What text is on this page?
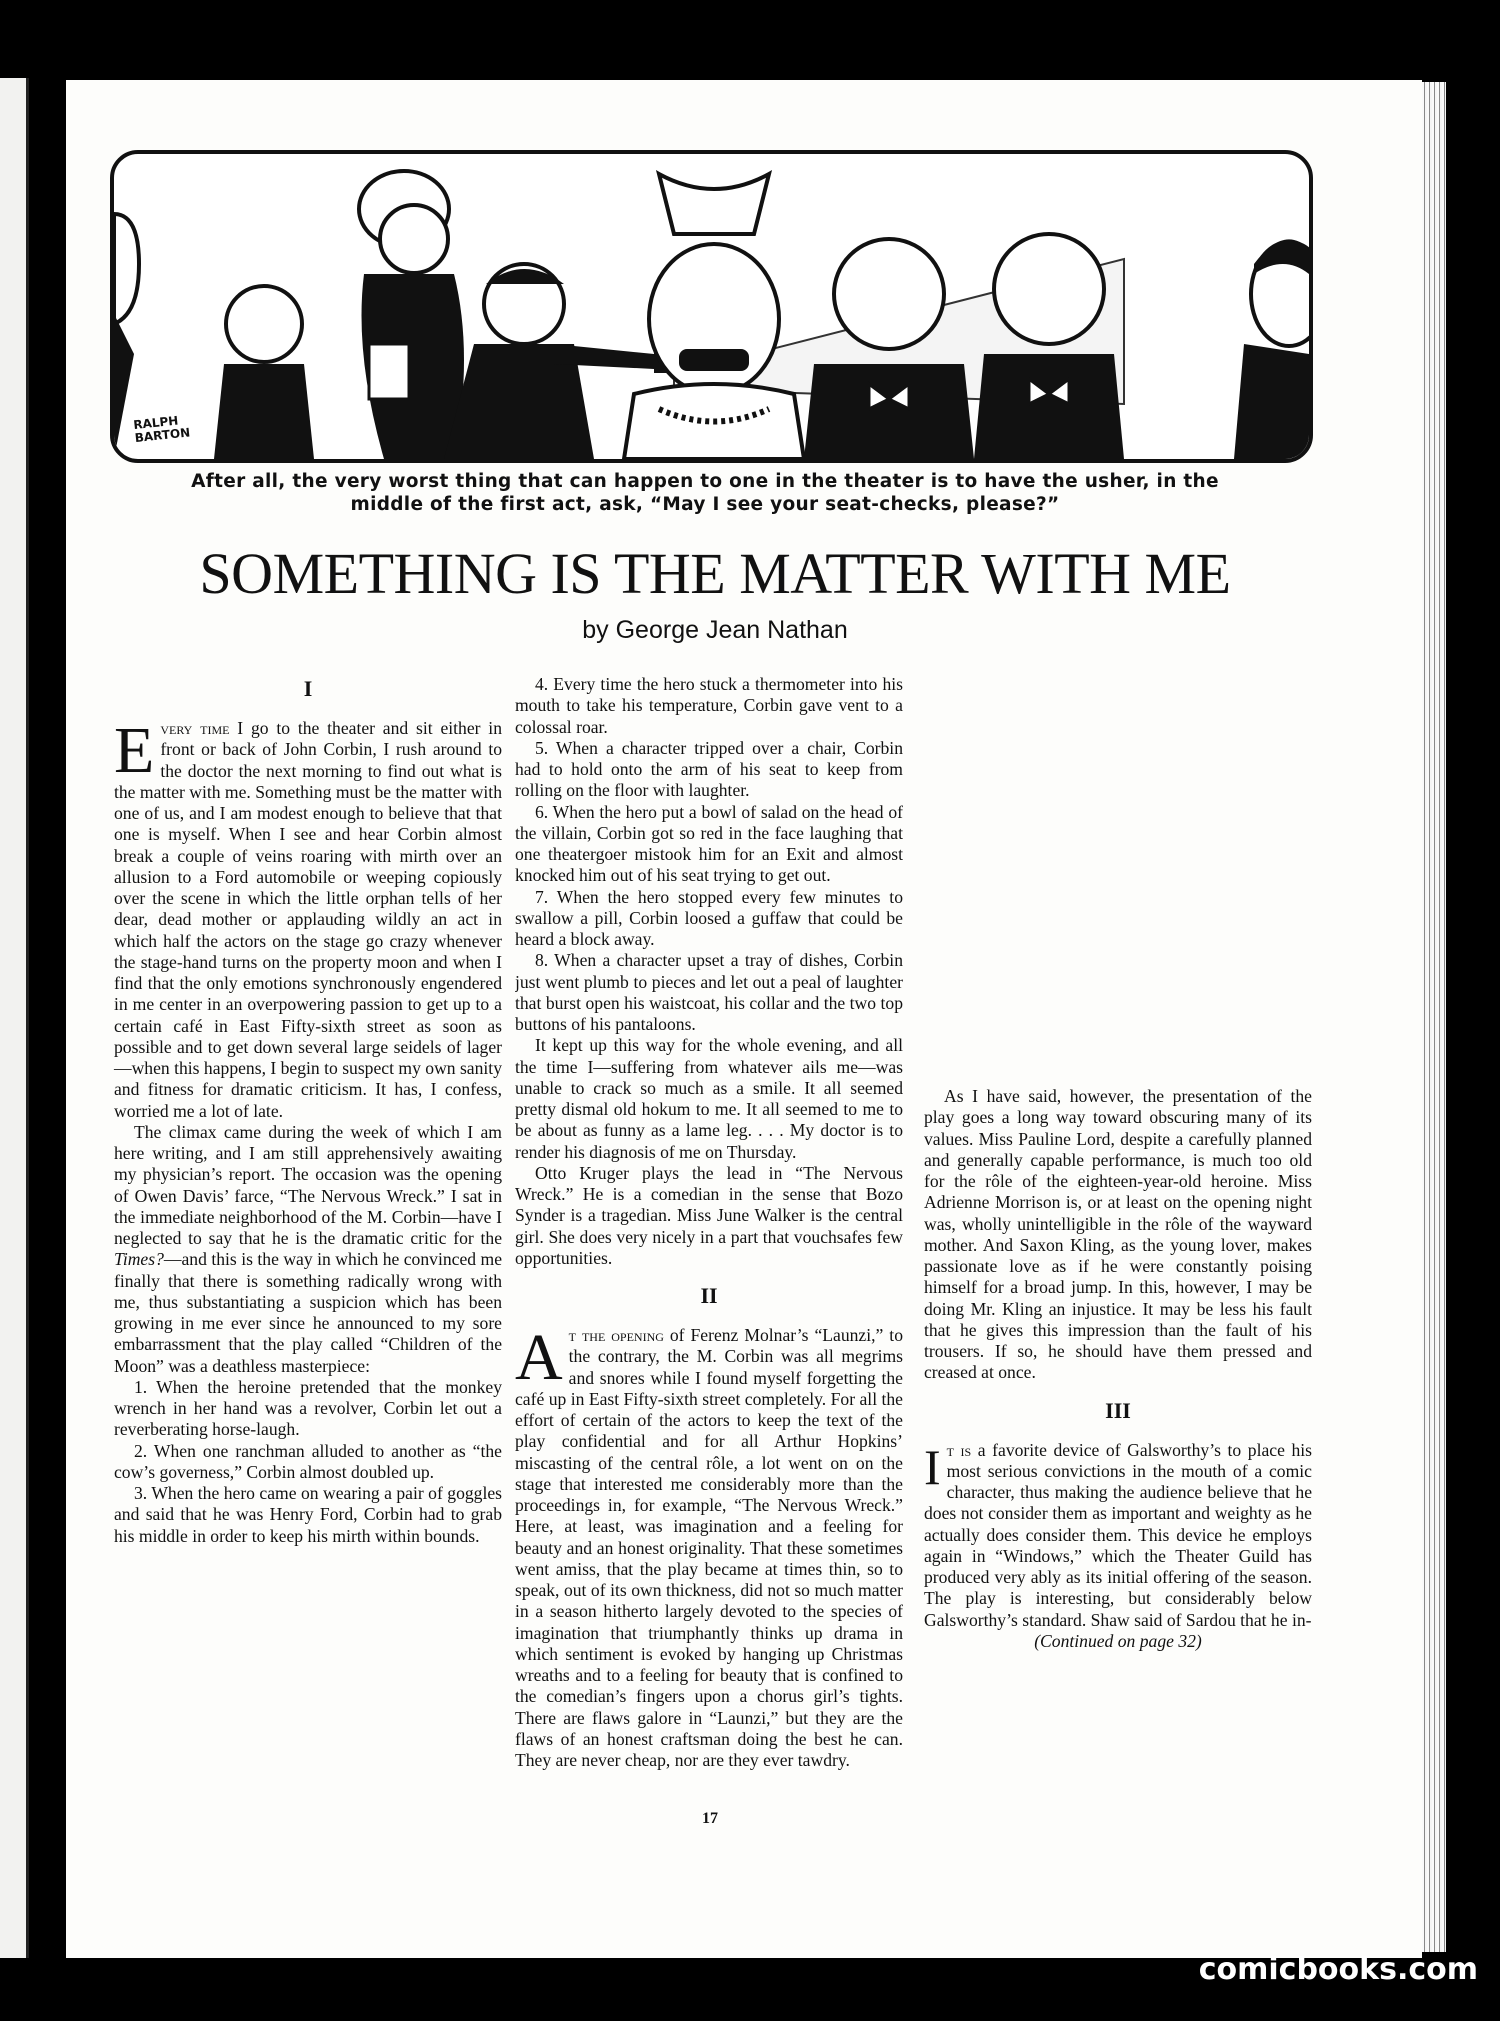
RALPH BARTON
After all, the very worst thing that can happen to one in the theater is to have the usher, in the middle of the first act, ask, “May I see your seat-checks, please?”
SOMETHING IS THE MATTER WITH ME
by George Jean Nathan
I

Every time I go to the theater and sit either in front or back of John Corbin, I rush around to the doctor the next morning to find out what is the matter with me. Something must be the matter with one of us, and I am modest enough to believe that that one is myself. When I see and hear Corbin almost break a couple of veins roaring with mirth over an allusion to a Ford automobile or weeping copiously over the scene in which the little orphan tells of her dear, dead mother or applauding wildly an act in which half the actors on the stage go crazy whenever the stage-hand turns on the property moon and when I find that the only emotions synchronously engendered in me center in an overpowering passion to get up to a certain café in East Fifty-sixth street as soon as possible and to get down several large seidels of lager—when this happens, I begin to suspect my own sanity and fitness for dramatic criticism. It has, I confess, worried me a lot of late.

The climax came during the week of which I am here writing, and I am still apprehensively awaiting my physician’s report. The occasion was the opening of Owen Davis’ farce, “The Nervous Wreck.” I sat in the immediate neighborhood of the M. Corbin—have I neglected to say that he is the dramatic critic for the Times?—and this is the way in which he convinced me finally that there is something radically wrong with me, thus substantiating a suspicion which has been growing in me ever since he announced to my sore embarrassment that the play called “Children of the Moon” was a deathless masterpiece:

1. When the heroine pretended that the monkey wrench in her hand was a revolver, Corbin let out a reverberating horse-laugh.

2. When one ranchman alluded to another as “the cow’s governess,” Corbin almost doubled up.

3. When the hero came on wearing a pair of goggles and said that he was Henry Ford, Corbin had to grab his middle in order to keep his mirth within bounds.

4. Every time the hero stuck a thermometer into his mouth to take his temperature, Corbin gave vent to a colossal roar.

5. When a character tripped over a chair, Corbin had to hold onto the arm of his seat to keep from rolling on the floor with laughter.

6. When the hero put a bowl of salad on the head of the villain, Corbin got so red in the face laughing that one theatergoer mistook him for an Exit and almost knocked him out of his seat trying to get out.

7. When the hero stopped every few minutes to swallow a pill, Corbin loosed a guffaw that could be heard a block away.

8. When a character upset a tray of dishes, Corbin just went plumb to pieces and let out a peal of laughter that burst open his waistcoat, his collar and the two top buttons of his pantaloons.

It kept up this way for the whole evening, and all the time I—suffering from whatever ails me—was unable to crack so much as a smile. It all seemed pretty dismal old hokum to me. It all seemed to me to be about as funny as a lame leg. . . . My doctor is to render his diagnosis of me on Thursday.

Otto Kruger plays the lead in “The Nervous Wreck.” He is a comedian in the sense that Bozo Synder is a tragedian. Miss June Walker is the central girl. She does very nicely in a part that vouchsafes few opportunities.

II

At the opening of Ferenz Molnar’s “Launzi,” to the contrary, the M. Corbin was all megrims and snores while I found myself forgetting the café up in East Fifty-sixth street completely. For all the effort of certain of the actors to keep the text of the play confidential and for all Arthur Hopkins’ miscasting of the central rôle, a lot went on on the stage that interested me considerably more than the proceedings in, for example, “The Nervous Wreck.” Here, at least, was imagination and a feeling for beauty and an honest originality. That these sometimes went amiss, that the play became at times thin, so to speak, out of its own thickness, did not so much matter in a season hitherto largely devoted to the species of imagination that triumphantly thinks up drama in which sentiment is evoked by hanging up Christmas wreaths and to a feeling for beauty that is confined to the comedian’s fingers upon a chorus girl’s tights. There are flaws galore in “Launzi,” but they are the flaws of an honest craftsman doing the best he can. They are never cheap, nor are they ever tawdry.

As I have said, however, the presentation of the play goes a long way toward obscuring many of its values. Miss Pauline Lord, despite a carefully planned and generally capable performance, is much too old for the rôle of the eighteen-year-old heroine. Miss Adrienne Morrison is, or at least on the opening night was, wholly unintelligible in the rôle of the wayward mother. And Saxon Kling, as the young lover, makes passionate love as if he were constantly poising himself for a broad jump. In this, however, I may be doing Mr. Kling an injustice. It may be less his fault that he gives this impression than the fault of his trousers. If so, he should have them pressed and creased at once.

III

It is a favorite device of Galsworthy’s to place his most serious convictions in the mouth of a comic character, thus making the audience believe that he does not consider them as important and weighty as he actually does consider them. This device he employs again in “Windows,” which the Theater Guild has produced very ably as its initial offering of the season. The play is interesting, but considerably below Galsworthy’s standard. Shaw said of Sardou that he in-

(Continued on page 32)

17
comicbooks.com
